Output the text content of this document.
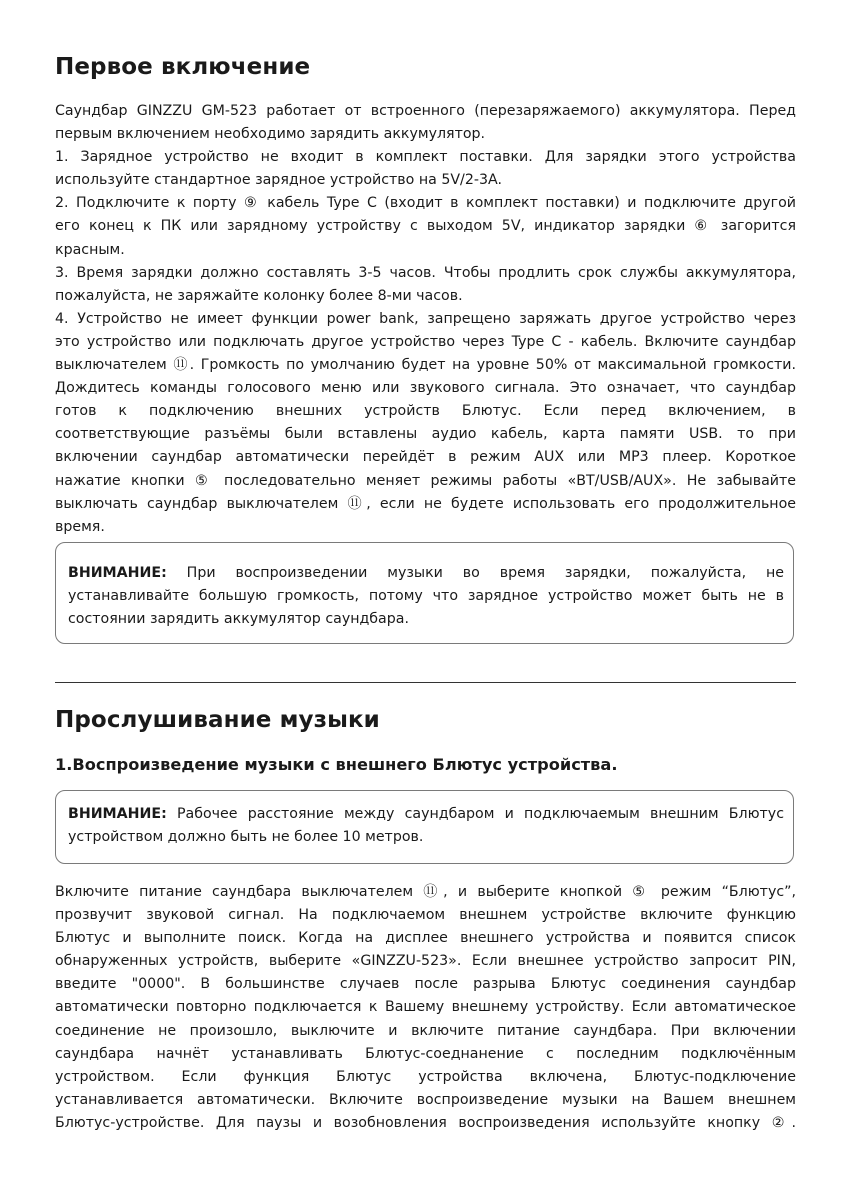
Первое включение
Саундбар GINZZU GM-523 работает от встроенного (перезаряжаемого) аккумулятора. Перед
первым включением необходимо зарядить аккумулятор.
1. Зарядное устройство не входит в комплект поставки. Для зарядки этого устройства
используйте стандартное зарядное устройство на 5V/2-3A.
2. Подключите к порту ⑨ кабель Type C (входит в комплект поставки) и подключите другой
его конец к ПК или зарядному устройству с выходом 5V, индикатор зарядки ⑥ загорится
красным.
3. Время зарядки должно составлять 3-5 часов. Чтобы продлить срок службы аккумулятора,
пожалуйста, не заряжайте колонку более 8-ми часов.
4. Устройство не имеет функции power bank, запрещено заряжать другое устройство через
это устройство или подключать другое устройство через Type C - кабель. Включите саундбар
выключателем ⑪. Громкость по умолчанию будет на уровне 50% от максимальной громкости.
Дождитесь команды голосового меню или звукового сигнала. Это означает, что саундбар
готов к подключению внешних устройств Блютус. Если перед включением, в
соответствующие разъёмы были вставлены аудио кабель, карта памяти USB. то при
включении саундбар автоматически перейдёт в режим AUX или MP3 плеер. Короткое
нажатие кнопки ⑤ последовательно меняет режимы работы «BT/USB/AUX». Не забывайте
выключать саундбар выключателем ⑪, если не будете использовать его продолжительное
время.
ВНИМАНИЕ: При воспроизведении музыки во время зарядки, пожалуйста, не
устанавливайте большую громкость, потому что зарядное устройство может быть не в
состоянии зарядить аккумулятор саундбара.
Прослушивание музыки
1.Воспроизведение музыки с внешнего Блютус устройства.
ВНИМАНИЕ: Рабочее расстояние между саундбаром и подключаемым внешним Блютус
устройством должно быть не более 10 метров.
Включите питание саундбара выключателем ⑪, и выберите кнопкой ⑤ режим “Блютус”,
прозвучит звуковой сигнал. На подключаемом внешнем устройстве включите функцию
Блютус и выполните поиск. Когда на дисплее внешнего устройства и появится список
обнаруженных устройств, выберите «GINZZU-523». Если внешнее устройство запросит PIN,
введите "0000". В большинстве случаев после разрыва Блютус соединения саундбар
автоматически повторно подключается к Вашему внешнему устройству. Если автоматическое
соединение не произошло, выключите и включите питание саундбара. При включении
саундбара начнёт устанавливать Блютус-соеднанение с последним подключённым
устройством. Если функция Блютус устройства включена, Блютус-подключение
устанавливается автоматически. Включите воспроизведение музыки на Вашем внешнем
Блютус-устройстве. Для паузы и возобновления воспроизведения используйте кнопку ②.
